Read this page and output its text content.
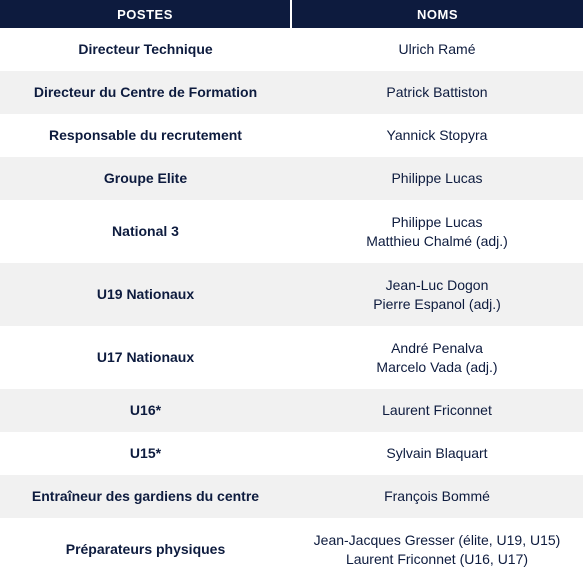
POSTES	NOMS
Directeur Technique	Ulrich Ramé

Directeur du Centre de Formation	Patrick Battiston

Responsable du recrutement	Yannick Stopyra

Groupe Elite	Philippe Lucas

National 3	Philippe Lucas
Matthieu Chalmé (adj.)

U19 Nationaux	Jean-Luc Dogon
Pierre Espanol (adj.)

U17 Nationaux	André Penalva
Marcelo Vada (adj.)

U16*	Laurent Friconnet

U15*	Sylvain Blaquart

Entraîneur des gardiens du centre	François Bommé

Préparateurs physiques	Jean-Jacques Gresser (élite, U19, U15)
Laurent Friconnet (U16, U17)
